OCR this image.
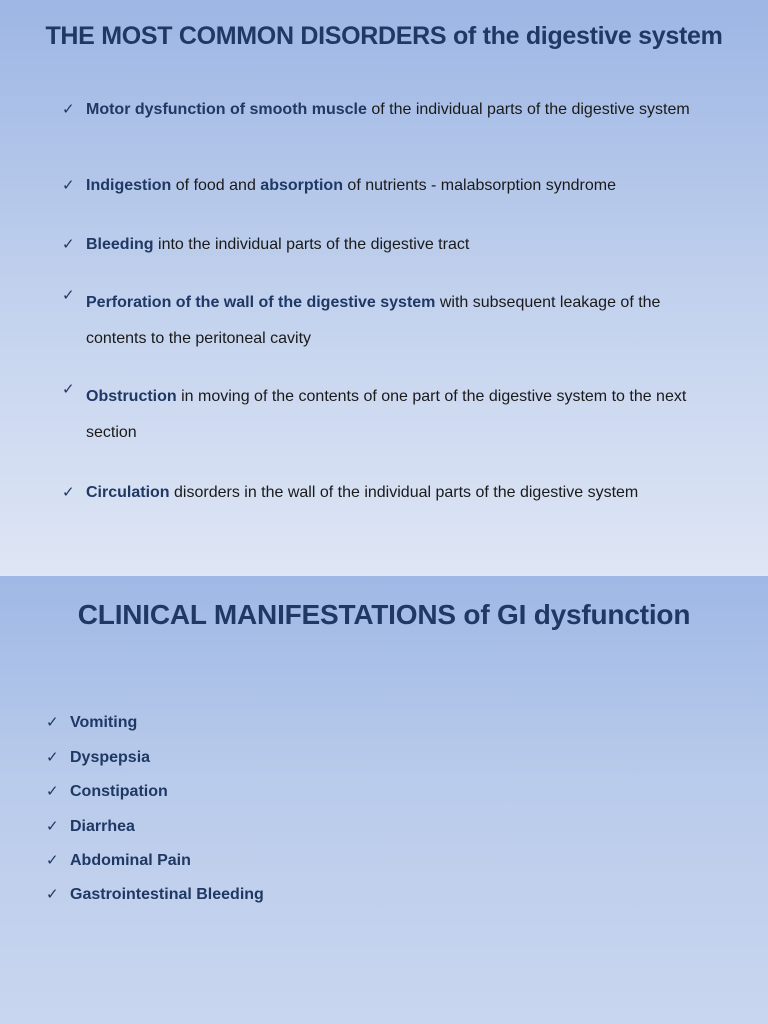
THE MOST COMMON DISORDERS of the digestive system
✓ Motor dysfunction of smooth muscle of the individual parts of the digestive system
✓ Indigestion of food and absorption of nutrients - malabsorption syndrome
✓ Bleeding into the individual parts of the digestive tract
✓ Perforation of the wall of the digestive system with subsequent leakage of the contents to the peritoneal cavity
✓ Obstruction in moving of the contents of one part of the digestive system to the next section
✓ Circulation disorders in the wall of the individual parts of the digestive system
CLINICAL MANIFESTATIONS of GI dysfunction
✓ Vomiting
✓ Dyspepsia
✓ Constipation
✓ Diarrhea
✓ Abdominal Pain
✓ Gastrointestinal Bleeding
